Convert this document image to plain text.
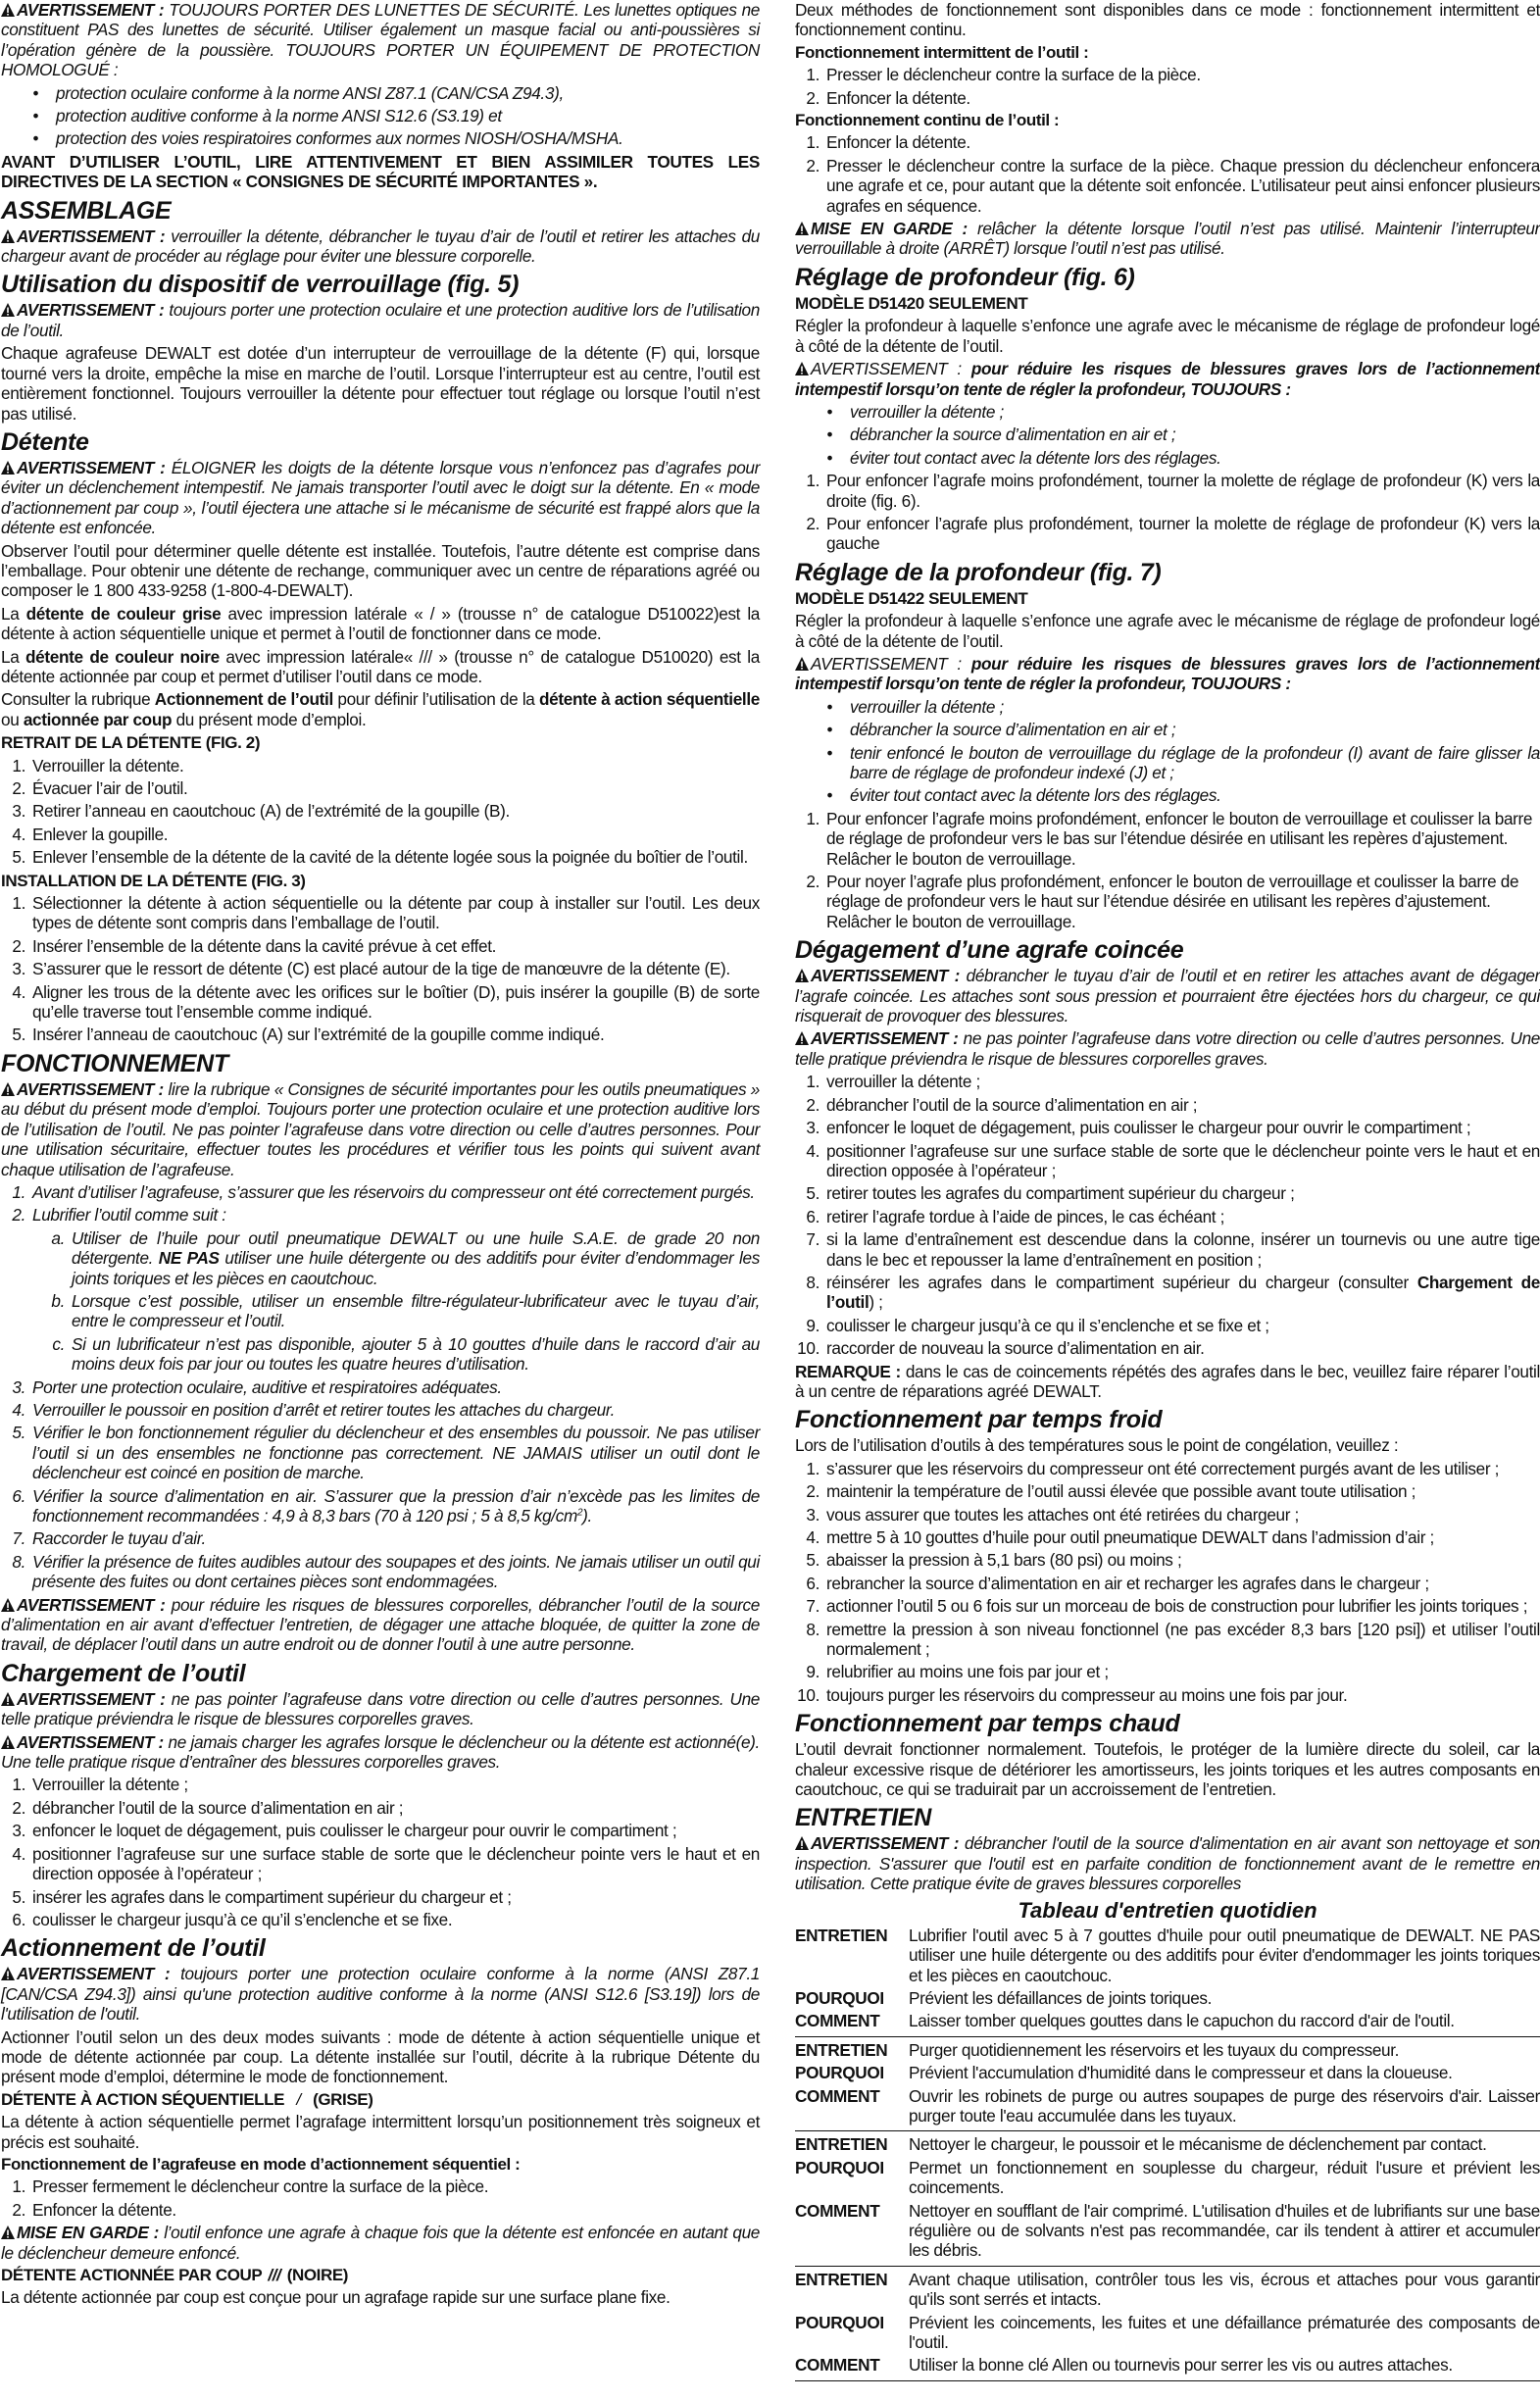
AVERTISSEMENT : TOUJOURS PORTER DES LUNETTES DE SÉCURITÉ. Les lunettes optiques ne constituent PAS des lunettes de sécurité. Utiliser également un masque facial ou anti-poussières si l’opération génère de la poussière. TOUJOURS PORTER UN ÉQUIPEMENT DE PROTECTION HOMOLOGUÉ :

•	protection oculaire conforme à la norme ANSI Z87.1 (CAN/CSA Z94.3),
•	protection auditive conforme à la norme ANSI S12.6 (S3.19) et
•	protection des voies respiratoires conformes aux normes NIOSH/OSHA/MSHA.

AVANT D’UTILISER L’OUTIL, LIRE ATTENTIVEMENT ET BIEN ASSIMILER TOUTES LES DIRECTIVES DE LA SECTION « CONSIGNES DE SÉCURITÉ IMPORTANTES ».

ASSEMBLAGE

AVERTISSEMENT : verrouiller la détente, débrancher le tuyau d’air de l’outil et retirer les attaches du chargeur avant de procéder au réglage pour éviter une blessure corporelle.

Utilisation du dispositif de verrouillage (fig. 5)

AVERTISSEMENT : toujours porter une protection oculaire et une protection auditive lors de l’utilisation de l’outil.

Chaque agrafeuse DEWALT est dotée d’un interrupteur de verrouillage de la détente (F) qui, lorsque tourné vers la droite, empêche la mise en marche de l’outil. Lorsque l’interrupteur est au centre, l’outil est entièrement fonctionnel. Toujours verrouiller la détente pour effectuer tout réglage ou lorsque l’outil n’est pas utilisé.

Détente

AVERTISSEMENT : ÉLOIGNER les doigts de la détente lorsque vous n’enfoncez pas d’agrafes pour éviter un déclenchement intempestif. Ne jamais transporter l’outil avec le doigt sur la détente. En « mode d’actionnement par coup », l’outil éjectera une attache si le mécanisme de sécurité est frappé alors que la détente est enfoncée.

Observer l’outil pour déterminer quelle détente est installée. Toutefois, l’autre détente est comprise dans l’emballage. Pour obtenir une détente de rechange, communiquer avec un centre de réparations agréé ou composer le 1 800 433-9258 (1-800-4-DEWALT).

La détente de couleur grise avec impression latérale « / » (trousse n° de catalogue D510022)est la détente à action séquentielle unique et permet à l’outil de fonctionner dans ce mode.

La détente de couleur noire avec impression latérale« /// » (trousse n° de catalogue D510020) est la détente actionnée par coup et permet d’utiliser l’outil dans ce mode.

Consulter la rubrique Actionnement de l’outil pour définir l’utilisation de la détente à action séquentielle ou actionnée par coup du présent mode d’emploi.

RETRAIT DE LA DÉTENTE (FIG. 2)
1. Verrouiller la détente.
2. Évacuer l’air de l’outil.
3. Retirer l’anneau en caoutchouc (A) de l’extrémité de la goupille (B).
4. Enlever la goupille.
5. Enlever l’ensemble de la détente de la cavité de la détente logée sous la poignée du boîtier de l’outil.
INSTALLATION DE LA DÉTENTE (FIG. 3)
1. Sélectionner la détente à action séquentielle ou la détente par coup à installer sur l’outil. Les deux types de détente sont compris dans l’emballage de l’outil.
2. Insérer l’ensemble de la détente dans la cavité prévue à cet effet.
3. S’assurer que le ressort de détente (C) est placé autour de la tige de manœuvre de la détente (E).
4. Aligner les trous de la détente avec les orifices sur le boîtier (D), puis insérer la goupille (B) de sorte qu’elle traverse tout l’ensemble comme indiqué.
5. Insérer l’anneau de caoutchouc (A) sur l’extrémité de la goupille comme indiqué.
FONCTIONNEMENT

AVERTISSEMENT : lire la rubrique « Consignes de sécurité importantes pour les outils pneumatiques » au début du présent mode d’emploi. Toujours porter une protection oculaire et une protection auditive lors de l’utilisation de l’outil. Ne pas pointer l’agrafeuse dans votre direction ou celle d’autres personnes. Pour une utilisation sécuritaire, effectuer toutes les procédures et vérifier tous les points qui suivent avant chaque utilisation de l’agrafeuse.

1. Avant d’utiliser l’agrafeuse, s’assurer que les réservoirs du compresseur ont été correctement purgés.
2. Lubrifier l’outil comme suit :
a. Utiliser de l’huile pour outil pneumatique DEWALT ou une huile S.A.E. de grade 20 non détergente. NE PAS utiliser une huile détergente ou des additifs pour éviter d’endommager les joints toriques et les pièces en caoutchouc.
b. Lorsque c’est possible, utiliser un ensemble filtre-régulateur-lubrificateur avec le tuyau d’air, entre le compresseur et l’outil.
c. Si un lubrificateur n’est pas disponible, ajouter 5 à 10 gouttes d’huile dans le raccord d’air au moins deux fois par jour ou toutes les quatre heures d’utilisation.
3. Porter une protection oculaire, auditive et respiratoires adéquates.
4. Verrouiller le poussoir en position d’arrêt et retirer toutes les attaches du chargeur.
5. Vérifier le bon fonctionnement régulier du déclencheur et des ensembles du poussoir. Ne pas utiliser l’outil si un des ensembles ne fonctionne pas correctement. NE JAMAIS utiliser un outil dont le déclencheur est coincé en position de marche.
6. Vérifier la source d’alimentation en air. S’assurer que la pression d’air n’excède pas les limites de fonctionnement recommandées : 4,9 à 8,3 bars (70 à 120 psi ; 5 à 8,5 $kg/cm^2$).
7. Raccorder le tuyau d’air.
8. Vérifier la présence de fuites audibles autour des soupapes et des joints. Ne jamais utiliser un outil qui présente des fuites ou dont certaines pièces sont endommagées.

AVERTISSEMENT : pour réduire les risques de blessures corporelles, débrancher l’outil de la source d’alimentation en air avant d’effectuer l’entretien, de dégager une attache bloquée, de quitter la zone de travail, de déplacer l’outil dans un autre endroit ou de donner l’outil à une autre personne.

Chargement de l’outil

AVERTISSEMENT : ne pas pointer l’agrafeuse dans votre direction ou celle d’autres personnes. Une telle pratique préviendra le risque de blessures corporelles graves.

AVERTISSEMENT : ne jamais charger les agrafes lorsque le déclencheur ou la détente est actionné(e). Une telle pratique risque d’entraîner des blessures corporelles graves.

1. Verrouiller la détente ;
2. débrancher l’outil de la source d’alimentation en air ;
3. enfoncer le loquet de dégagement, puis coulisser le chargeur pour ouvrir le compartiment ;
4. positionner l’agrafeuse sur une surface stable de sorte que le déclencheur pointe vers le haut et en direction opposée à l’opérateur ;
5. insérer les agrafes dans le compartiment supérieur du chargeur et ;
6. coulisser le chargeur jusqu’à ce qu’il s’enclenche et se fixe.
Actionnement de l’outil

AVERTISSEMENT : toujours porter une protection oculaire conforme à la norme (ANSI Z87.1 [CAN/CSA Z94.3]) ainsi qu'une protection auditive conforme à la norme (ANSI S12.6 [S3.19]) lors de l'utilisation de l'outil.

Actionner l’outil selon un des deux modes suivants : mode de détente à action séquentielle unique et mode de détente actionnée par coup. La détente installée sur l’outil, décrite à la rubrique Détente du présent mode d’emploi, détermine le mode de fonctionnement.

DÉTENTE À ACTION SÉQUENTIELLE / (GRISE)

La détente à action séquentielle permet l’agrafage intermittent lorsqu’un positionnement très soigneux et précis est souhaité.

Fonctionnement de l’agrafeuse en mode d’actionnement séquentiel :
1. Presser fermement le déclencheur contre la surface de la pièce.
2. Enfoncer la détente.

MISE EN GARDE : l’outil enfonce une agrafe à chaque fois que la détente est enfoncée en autant que le déclencheur demeure enfoncé.

DÉTENTE ACTIONNÉE PAR COUP /// (NOIRE)

La détente actionnée par coup est conçue pour un agrafage rapide sur une surface plane fixe.

Deux méthodes de fonctionnement sont disponibles dans ce mode : fonctionnement intermittent et fonctionnement continu.

Fonctionnement intermittent de l’outil :
1. Presser le déclencheur contre la surface de la pièce.
2. Enfoncer la détente.
Fonctionnement continu de l’outil :
1. Enfoncer la détente.
2. Presser le déclencheur contre la surface de la pièce. Chaque pression du déclencheur enfoncera une agrafe et ce, pour autant que la détente soit enfoncée. L’utilisateur peut ainsi enfoncer plusieurs agrafes en séquence.

MISE EN GARDE : relâcher la détente lorsque l’outil n’est pas utilisé. Maintenir l’interrupteur verrouillable à droite (ARRÊT) lorsque l’outil n’est pas utilisé.

Réglage de profondeur (fig. 6)
MODÈLE D51420 SEULEMENT

Régler la profondeur à laquelle s’enfonce une agrafe avec le mécanisme de réglage de profondeur logé à côté de la détente de l’outil.

AVERTISSEMENT : pour réduire les risques de blessures graves lors de l’actionnement intempestif lorsqu’on tente de régler la profondeur, TOUJOURS :

•	verrouiller la détente ;
•	débrancher la source d’alimentation en air et ;
•	éviter tout contact avec la détente lors des réglages.
1. Pour enfoncer l’agrafe moins profondément, tourner la molette de réglage de profondeur (K) vers la droite (fig. 6).
2. Pour enfoncer l’agrafe plus profondément, tourner la molette de réglage de profondeur (K) vers la gauche
Réglage de la profondeur (fig. 7)
MODÈLE D51422 SEULEMENT

Régler la profondeur à laquelle s’enfonce une agrafe avec le mécanisme de réglage de profondeur logé à côté de la détente de l’outil.

AVERTISSEMENT : pour réduire les risques de blessures graves lors de l’actionnement intempestif lorsqu’on tente de régler la profondeur, TOUJOURS :

•	verrouiller la détente ;
•	débrancher la source d’alimentation en air et ;
•	tenir enfoncé le bouton de verrouillage du réglage de la profondeur (I) avant de faire glisser la barre de réglage de profondeur indexé (J) et ;
•	éviter tout contact avec la détente lors des réglages.
1. Pour enfoncer l’agrafe moins profondément, enfoncer le bouton de verrouillage et coulisser la barre de réglage de profondeur vers le bas sur l’étendue désirée en utilisant les repères d’ajustement. Relâcher le bouton de verrouillage.
2. Pour noyer l’agrafe plus profondément, enfoncer le bouton de verrouillage et coulisser la barre de réglage de profondeur vers le haut sur l’étendue désirée en utilisant les repères d’ajustement. Relâcher le bouton de verrouillage.
Dégagement d’une agrafe coincée

AVERTISSEMENT : débrancher le tuyau d’air de l’outil et en retirer les attaches avant de dégager l’agrafe coincée. Les attaches sont sous pression et pourraient être éjectées hors du chargeur, ce qui risquerait de provoquer des blessures.

AVERTISSEMENT : ne pas pointer l’agrafeuse dans votre direction ou celle d’autres personnes. Une telle pratique préviendra le risque de blessures corporelles graves.

1. verrouiller la détente ;
2. débrancher l’outil de la source d’alimentation en air ;
3. enfoncer le loquet de dégagement, puis coulisser le chargeur pour ouvrir le compartiment ;
4. positionner l’agrafeuse sur une surface stable de sorte que le déclencheur pointe vers le haut et en direction opposée à l’opérateur ;
5. retirer toutes les agrafes du compartiment supérieur du chargeur ;
6. retirer l’agrafe tordue à l’aide de pinces, le cas échéant ;
7. si la lame d’entraînement est descendue dans la colonne, insérer un tournevis ou une autre tige dans le bec et repousser la lame d’entraînement en position ;
8. réinsérer les agrafes dans le compartiment supérieur du chargeur (consulter Chargement de l’outil) ;
9. coulisser le chargeur jusqu’à ce qu il s’enclenche et se fixe et ;
10. raccorder de nouveau la source d’alimentation en air.

REMARQUE : dans le cas de coincements répétés des agrafes dans le bec, veuillez faire réparer l’outil à un centre de réparations agréé DEWALT.

Fonctionnement par temps froid

Lors de l’utilisation d’outils à des températures sous le point de congélation, veuillez :

1. s’assurer que les réservoirs du compresseur ont été correctement purgés avant de les utiliser ;
2. maintenir la température de l’outil aussi élevée que possible avant toute utilisation ;
3. vous assurer que toutes les attaches ont été retirées du chargeur ;
4. mettre 5 à 10 gouttes d’huile pour outil pneumatique DEWALT dans l’admission d’air ;
5. abaisser la pression à 5,1 bars (80 psi) ou moins ;
6. rebrancher la source d’alimentation en air et recharger les agrafes dans le chargeur ;
7. actionner l’outil 5 ou 6 fois sur un morceau de bois de construction pour lubrifier les joints toriques ;
8. remettre la pression à son niveau fonctionnel (ne pas excéder 8,3 bars [120 psi]) et utiliser l’outil normalement ;
9. relubrifier au moins une fois par jour et ;
10. toujours purger les réservoirs du compresseur au moins une fois par jour.
Fonctionnement par temps chaud

L’outil devrait fonctionner normalement. Toutefois, le protéger de la lumière directe du soleil, car la chaleur excessive risque de détériorer les amortisseurs, les joints toriques et les autres composants en caoutchouc, ce qui se traduirait par un accroissement de l’entretien.

ENTRETIEN

AVERTISSEMENT : débrancher l'outil de la source d'alimentation en air avant son nettoyage et son inspection. S'assurer que l'outil est en parfaite condition de fonctionnement avant de le remettre en utilisation. Cette pratique évite de graves blessures corporelles

Tableau d'entretien quotidien
ENTRETIEN	Lubrifier l'outil avec 5 à 7 gouttes d'huile pour outil pneumatique de DEWALT. NE PAS utiliser une huile détergente ou des additifs pour éviter d'endommager les joints toriques et les pièces en caoutchouc.
POURQUOI	Prévient les défaillances de joints toriques.
COMMENT	Laisser tomber quelques gouttes dans le capuchon du raccord d'air de l'outil.
ENTRETIEN	Purger quotidiennement les réservoirs et les tuyaux du compresseur.
POURQUOI	Prévient l'accumulation d'humidité dans le compresseur et dans la cloueuse.
COMMENT	Ouvrir les robinets de purge ou autres soupapes de purge des réservoirs d'air. Laisser purger toute l'eau accumulée dans les tuyaux.
ENTRETIEN	Nettoyer le chargeur, le poussoir et le mécanisme de déclenchement par contact.
POURQUOI	Permet un fonctionnement en souplesse du chargeur, réduit l'usure et prévient les coincements.
COMMENT	Nettoyer en soufflant de l'air comprimé. L'utilisation d'huiles et de lubrifiants sur une base régulière ou de solvants n'est pas recommandée, car ils tendent à attirer et accumuler les débris.
ENTRETIEN	Avant chaque utilisation, contrôler tous les vis, écrous et attaches pour vous garantir qu'ils sont serrés et intacts.
POURQUOI	Prévient les coincements, les fuites et une défaillance prématurée des composants de l'outil.
COMMENT	Utiliser la bonne clé Allen ou tournevis pour serrer les vis ou autres attaches.
